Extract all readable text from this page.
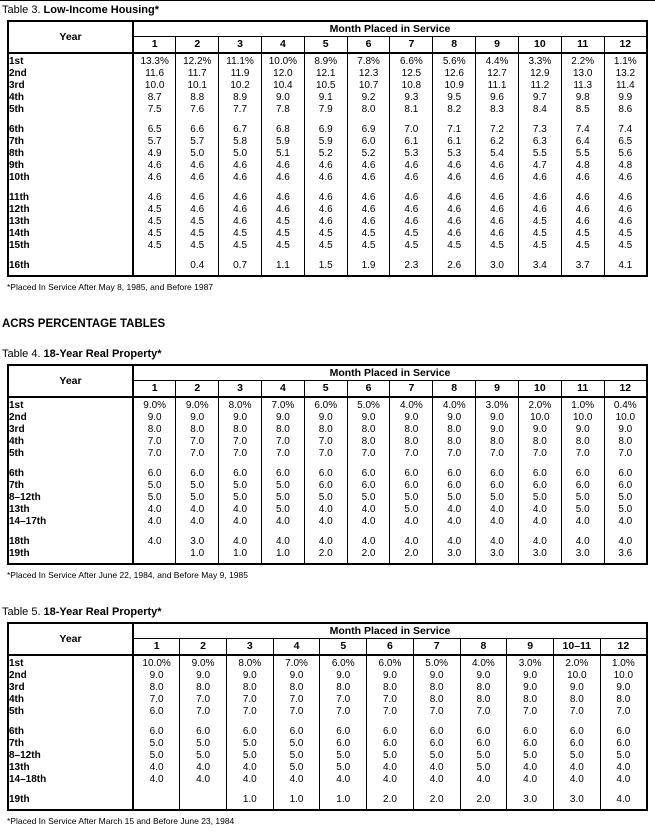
Table 3. Low-Income Housing*
Year	Month Placed in Service											
	1	2	3	4	5	6	7	8	9	10	11	12

1st	13.3%	12.2%	11.1%	10.0%	8.9%	7.8%	6.6%	5.6%	4.4%	3.3%	2.2%	1.1%
2nd	11.6	11.7	11.9	12.0	12.1	12.3	12.5	12.6	12.7	12.9	13.0	13.2
3rd	10.0	10.1	10.2	10.4	10.5	10.7	10.8	10.9	11.1	11.2	11.3	11.4
4th	8.7	8.8	8.9	9.0	9.1	9.2	9.3	9.5	9.6	9.7	9.8	9.9
5th	7.5	7.6	7.7	7.8	7.9	8.0	8.1	8.2	8.3	8.4	8.5	8.6

6th	6.5	6.6	6.7	6.8	6.9	6.9	7.0	7.1	7.2	7.3	7.4	7.4
7th	5.7	5.7	5.8	5.9	5.9	6.0	6.1	6.1	6.2	6.3	6.4	6.5
8th	4.9	5.0	5.0	5.1	5.2	5.2	5.3	5.3	5.4	5.5	5.5	5.6
9th	4.6	4.6	4.6	4.6	4.6	4.6	4.6	4.6	4.6	4.7	4.8	4.8
10th	4.6	4.6	4.6	4.6	4.6	4.6	4.6	4.6	4.6	4.6	4.6	4.6

11th	4.6	4.6	4.6	4.6	4.6	4.6	4.6	4.6	4.6	4.6	4.6	4.6
12th	4.5	4.6	4.6	4.6	4.6	4.6	4.6	4.6	4.6	4.6	4.6	4.6
13th	4.5	4.5	4.6	4.5	4.6	4.6	4.6	4.6	4.6	4.5	4.6	4.6
14th	4.5	4.5	4.5	4.5	4.5	4.5	4.5	4.6	4.6	4.5	4.5	4.5
15th	4.5	4.5	4.5	4.5	4.5	4.5	4.5	4.5	4.5	4.5	4.5	4.5

16th		0.4	0.7	1.1	1.5	1.9	2.3	2.6	3.0	3.4	3.7	4.1

*Placed In Service After May 8, 1985, and Before 1987
ACRS PERCENTAGE TABLES
Table 4. 18-Year Real Property*
Year	Month Placed in Service											
	1	2	3	4	5	6	7	8	9	10	11	12

1st	9.0%	9.0%	8.0%	7.0%	6.0%	5.0%	4.0%	4.0%	3.0%	2.0%	1.0%	0.4%
2nd	9.0	9.0	9.0	9.0	9.0	9.0	9.0	9.0	9.0	10.0	10.0	10.0
3rd	8.0	8.0	8.0	8.0	8.0	8.0	8.0	8.0	9.0	9.0	9.0	9.0
4th	7.0	7.0	7.0	7.0	7.0	8.0	8.0	8.0	8.0	8.0	8.0	8.0
5th	7.0	7.0	7.0	7.0	7.0	7.0	7.0	7.0	7.0	7.0	7.0	7.0

6th	6.0	6.0	6.0	6.0	6.0	6.0	6.0	6.0	6.0	6.0	6.0	6.0
7th	5.0	5.0	5.0	5.0	6.0	6.0	6.0	6.0	6.0	6.0	6.0	6.0
8–12th	5.0	5.0	5.0	5.0	5.0	5.0	5.0	5.0	5.0	5.0	5.0	5.0
13th	4.0	4.0	4.0	5.0	4.0	4.0	5.0	4.0	4.0	4.0	5.0	5.0
14–17th	4.0	4.0	4.0	4.0	4.0	4.0	4.0	4.0	4.0	4.0	4.0	4.0

18th	4.0	3.0	4.0	4.0	4.0	4.0	4.0	4.0	4.0	4.0	4.0	4.0
19th		1.0	1.0	1.0	2.0	2.0	2.0	3.0	3.0	3.0	3.0	3.6

*Placed In Service After June 22, 1984, and Before May 9, 1985
Table 5. 18-Year Real Property*
Year	Month Placed in Service										
	1	2	3	4	5	6	7	8	9	10–11	12

1st	10.0%	9.0%	8.0%	7.0%	6.0%	6.0%	5.0%	4.0%	3.0%	2.0%	1.0%
2nd	9.0	9.0	9.0	9.0	9.0	9.0	9.0	9.0	9.0	10.0	10.0
3rd	8.0	8.0	8.0	8.0	8.0	8.0	8.0	8.0	9.0	9.0	9.0
4th	7.0	7.0	7.0	7.0	7.0	7.0	8.0	8.0	8.0	8.0	8.0
5th	6.0	7.0	7.0	7.0	7.0	7.0	7.0	7.0	7.0	7.0	7.0

6th	6.0	6.0	6.0	6.0	6.0	6.0	6.0	6.0	6.0	6.0	6.0
7th	5.0	5.0	5.0	5.0	6.0	6.0	6.0	6.0	6.0	6.0	6.0
8–12th	5.0	5.0	5.0	5.0	5.0	5.0	5.0	5.0	5.0	5.0	5.0
13th	4.0	4.0	4.0	5.0	5.0	4.0	4.0	5.0	4.0	4.0	4.0
14–18th	4.0	4.0	4.0	4.0	4.0	4.0	4.0	4.0	4.0	4.0	4.0

19th			1.0	1.0	1.0	2.0	2.0	2.0	3.0	3.0	4.0

*Placed In Service After March 15 and Before June 23, 1984
